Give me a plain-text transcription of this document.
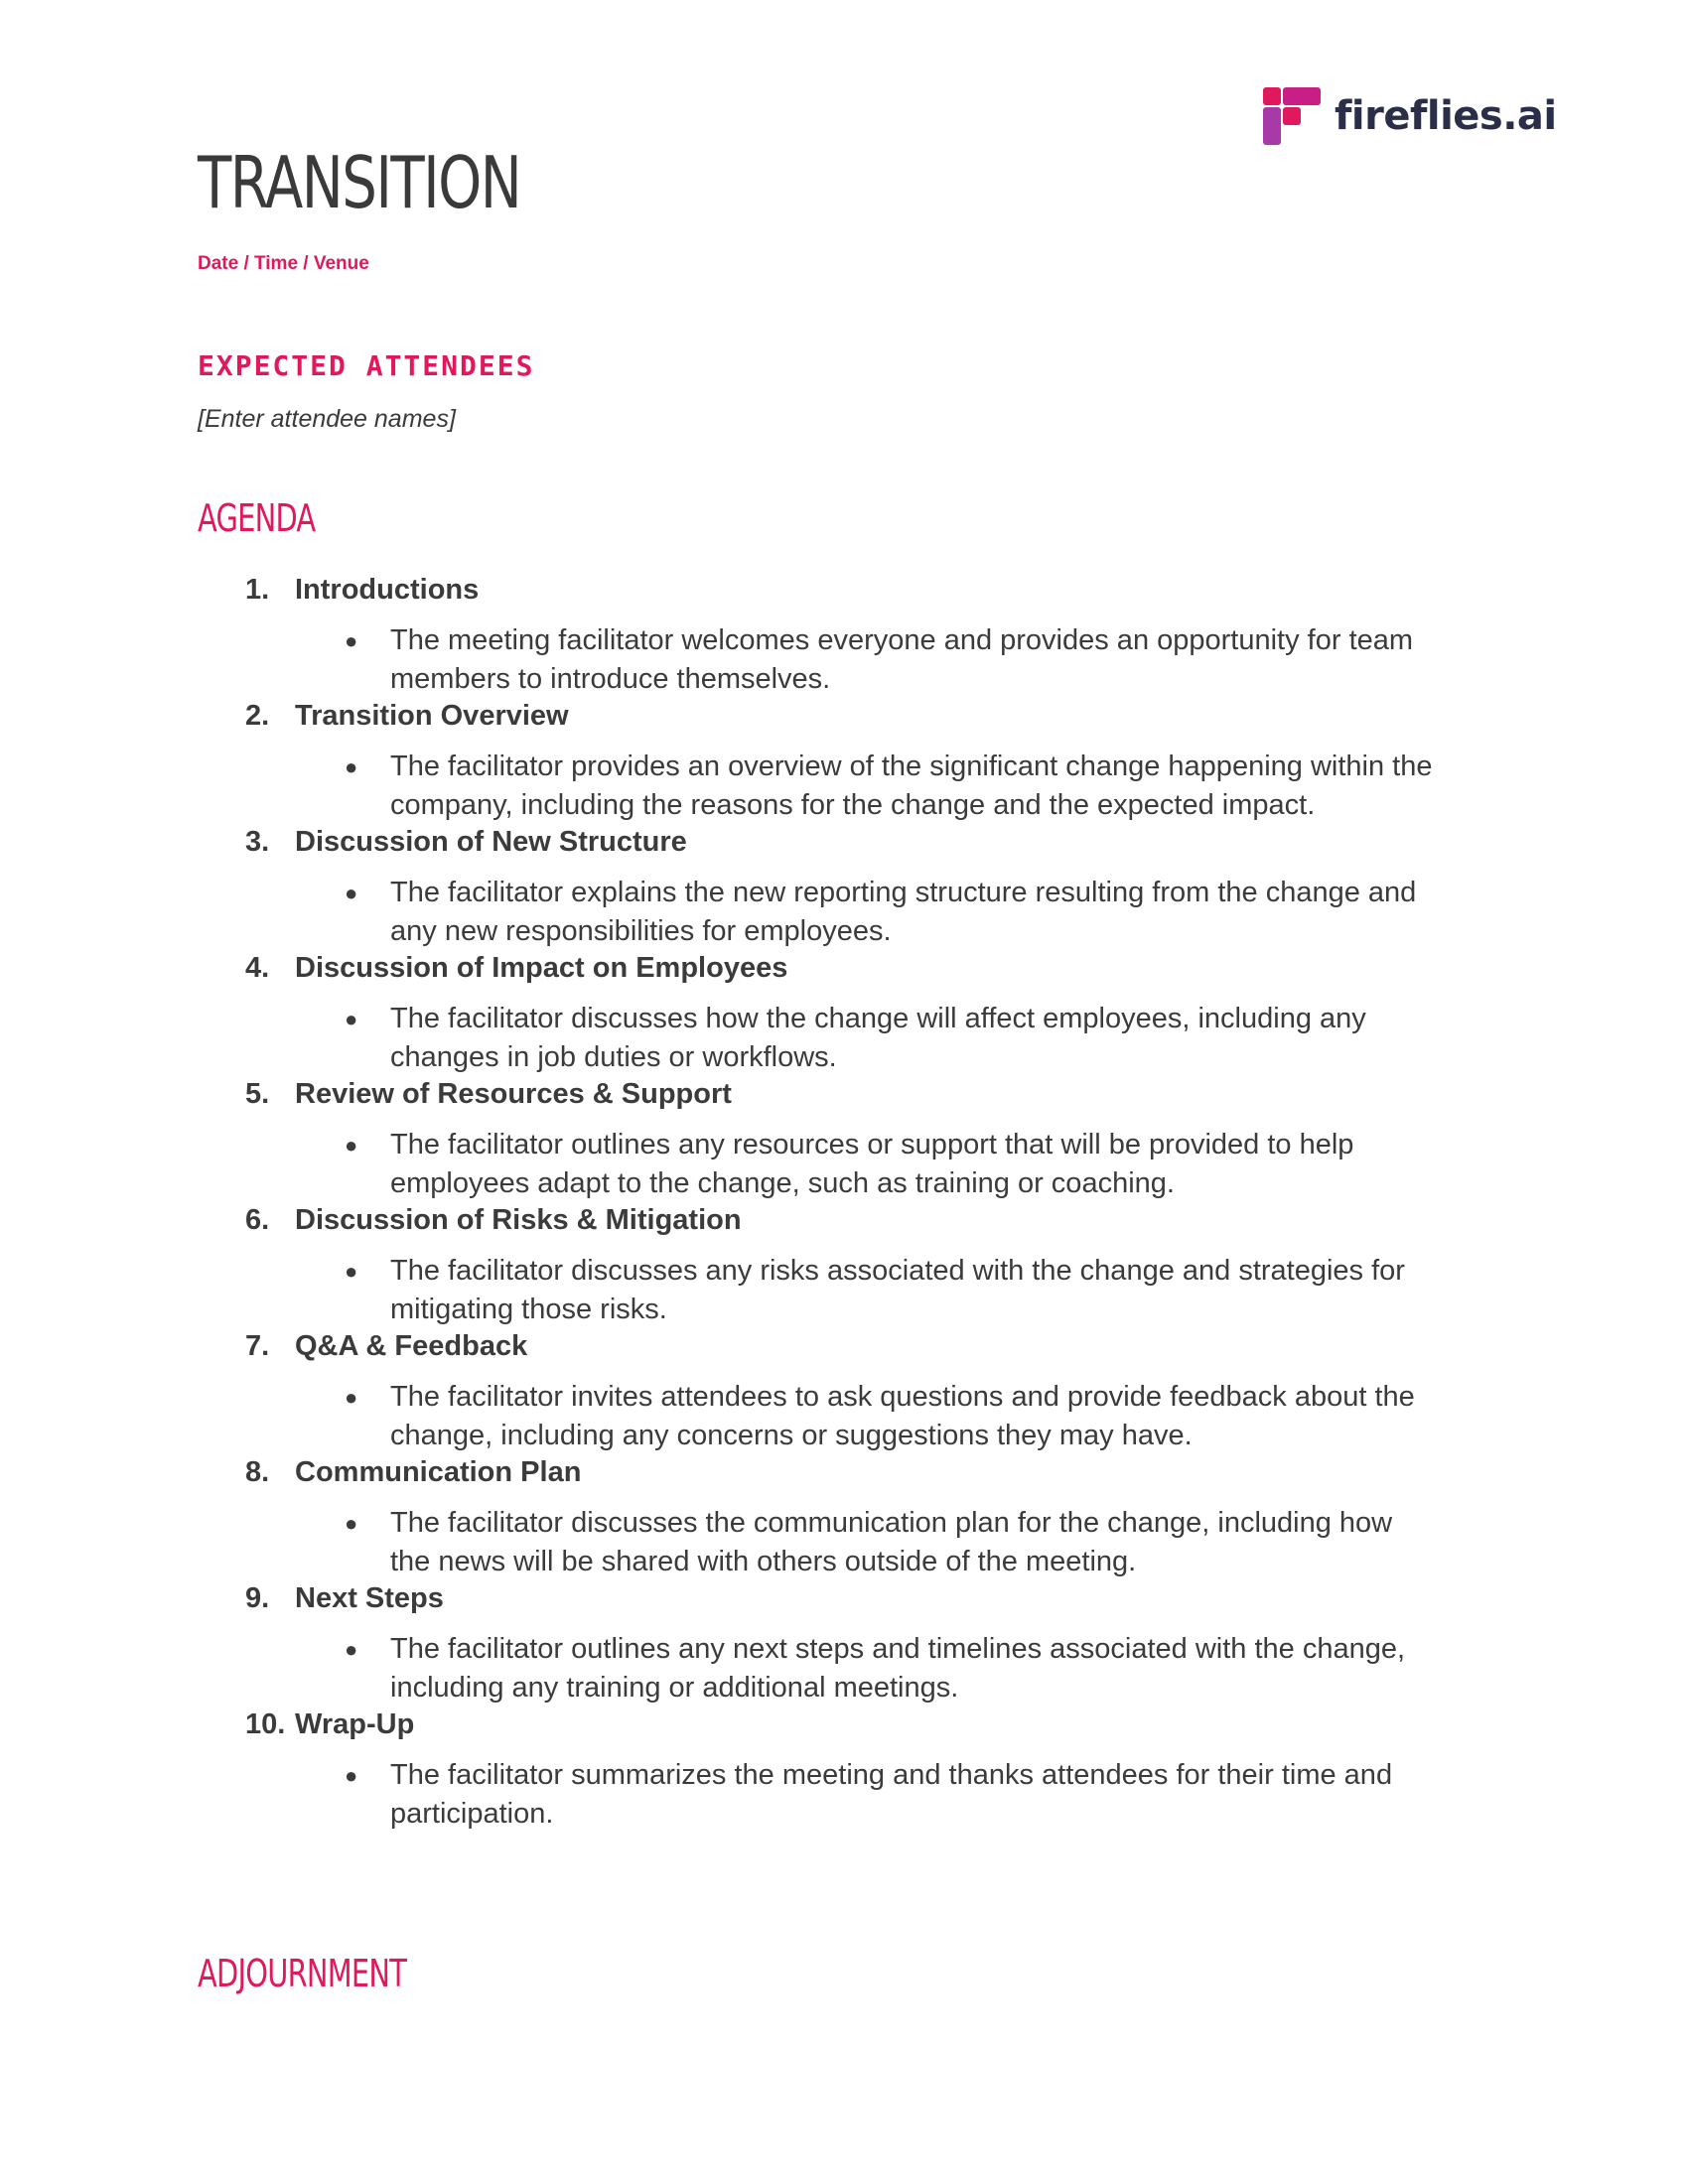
fireflies.ai
TRANSITION
Date / Time / Venue
EXPECTED ATTENDEES
[Enter attendee names]
AGENDA
1. Introductions
●	The meeting facilitator welcomes everyone and provides an opportunity for team members to introduce themselves.
2. Transition Overview
●	The facilitator provides an overview of the significant change happening within the company, including the reasons for the change and the expected impact.
3. Discussion of New Structure
●	The facilitator explains the new reporting structure resulting from the change and any new responsibilities for employees.
4. Discussion of Impact on Employees
●	The facilitator discusses how the change will affect employees, including any changes in job duties or workflows.
5. Review of Resources & Support
●	The facilitator outlines any resources or support that will be provided to help employees adapt to the change, such as training or coaching.
6. Discussion of Risks & Mitigation
●	The facilitator discusses any risks associated with the change and strategies for mitigating those risks.
7. Q&A & Feedback
●	The facilitator invites attendees to ask questions and provide feedback about the change, including any concerns or suggestions they may have.
8. Communication Plan
●	The facilitator discusses the communication plan for the change, including how the news will be shared with others outside of the meeting.
9. Next Steps
●	The facilitator outlines any next steps and timelines associated with the change, including any training or additional meetings.
10. Wrap-Up
●	The facilitator summarizes the meeting and thanks attendees for their time and participation.
ADJOURNMENT
